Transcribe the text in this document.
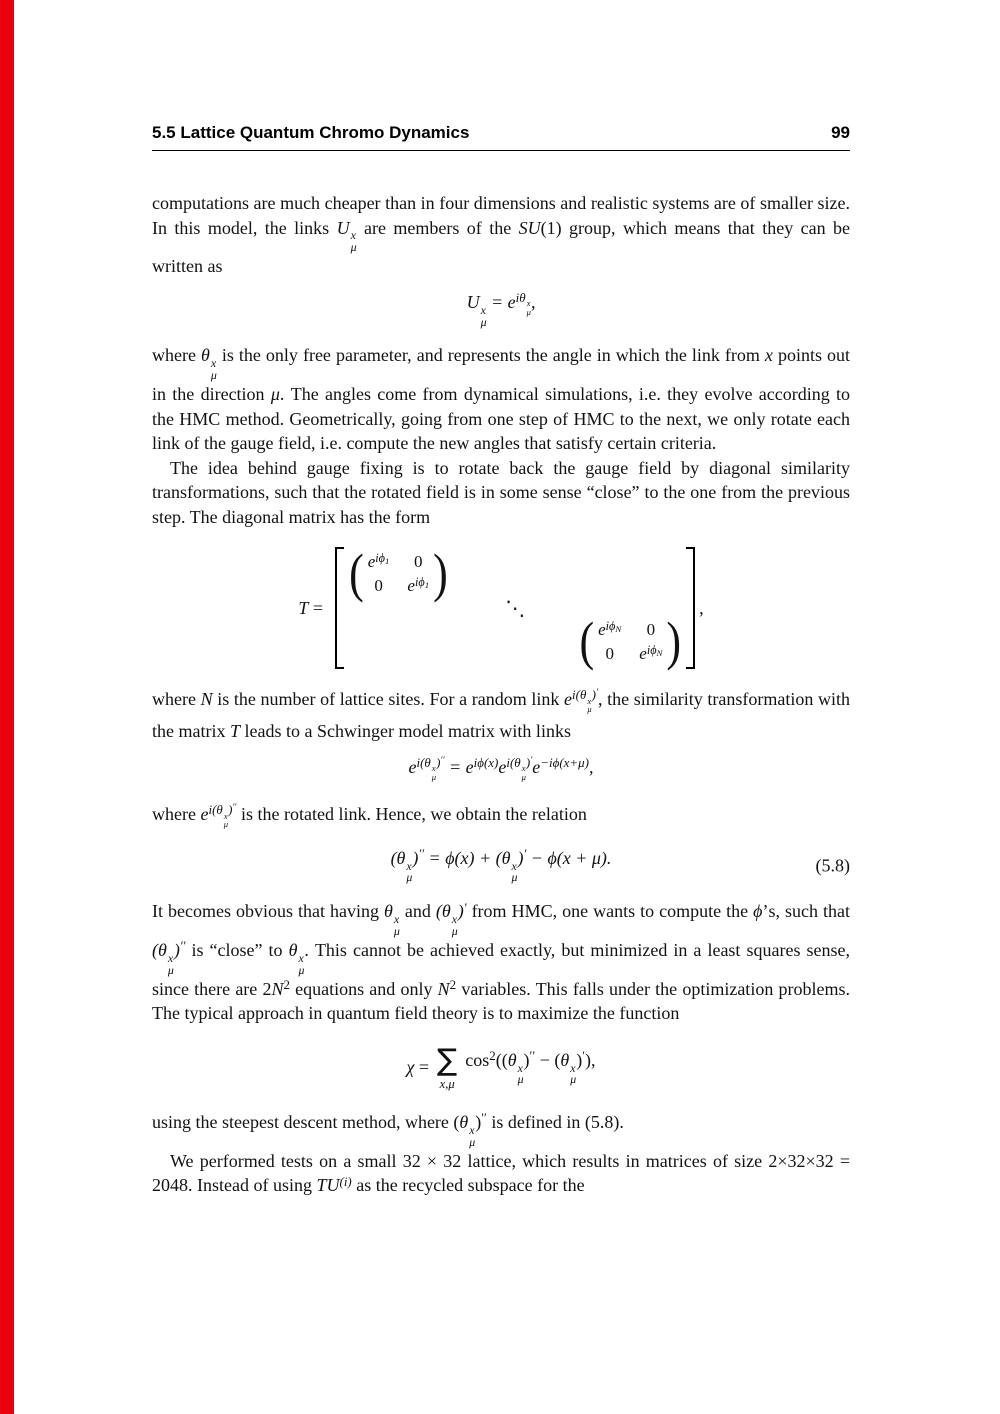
5.5 Lattice Quantum Chromo Dynamics	99

computations are much cheaper than in four dimensions and realistic systems are of smaller size. In this model, the links U x
μ
are members of the SU(1) group, which means that they can be written as

U x
μ
= $e^{i\theta x \mu}$ ,

where θ x
μ
is the only free parameter, and represents the angle in which the link from x points out in the direction μ. The angles come from dynamical simulations, i.e. they evolve according to the HMC method. Geometrically, going from one step of HMC to the next, we only rotate each link of the gauge field, i.e. compute the new angles that satisfy certain criteria.

The idea behind gauge fixing is to rotate back the gauge field by diagonal similarity transformations, such that the rotated field is in some sense “close” to the one from the previous step. The diagonal matrix has the form

T =
( $e^{i\phi_1}$	0
0	$e^{i\phi_1}$ )
⋱
( $e^{i\phi_N}$	0
0	$e^{i\phi_N}$ )
,

where N is the number of lattice sites. For a random link $e^{i(\theta x \mu )'}$, the similarity transformation with the matrix T leads to a Schwinger model matrix with links

$e^{i(\theta x \mu )''} = e^{i\phi(x)}e^{i(\theta x \mu )'}e^{-i\phi(x+\mu)}$,

where $e^{i(\theta x \mu )''}$ is the rotated link. Hence, we obtain the relation

(θ x
μ
)′′ = ϕ(x) + (θ x
μ
)′ − ϕ(x + μ).	(5.8)

It becomes obvious that having θ x
μ
and (θ x
μ
)′ from HMC, one wants to compute the ϕ’s, such that (θ x
μ
)′′ is “close” to θ x
μ
. This cannot be achieved exactly, but minimized in a least squares sense, since there are $2N^2$ equations and only $N^2$ variables. This falls under the optimization problems. The typical approach in quantum field theory is to maximize the function

χ = ∑
x,μ
$\cos^2((\theta$ x
μ
)′′ − (θ x
μ
)′),

using the steepest descent method, where (θ x
μ
)′′ is defined in (5.8).

We performed tests on a small 32 × 32 lattice, which results in matrices of size 2×32×32 = 2048. Instead of using TU$^{(i)}$ as the recycled subspace for the
